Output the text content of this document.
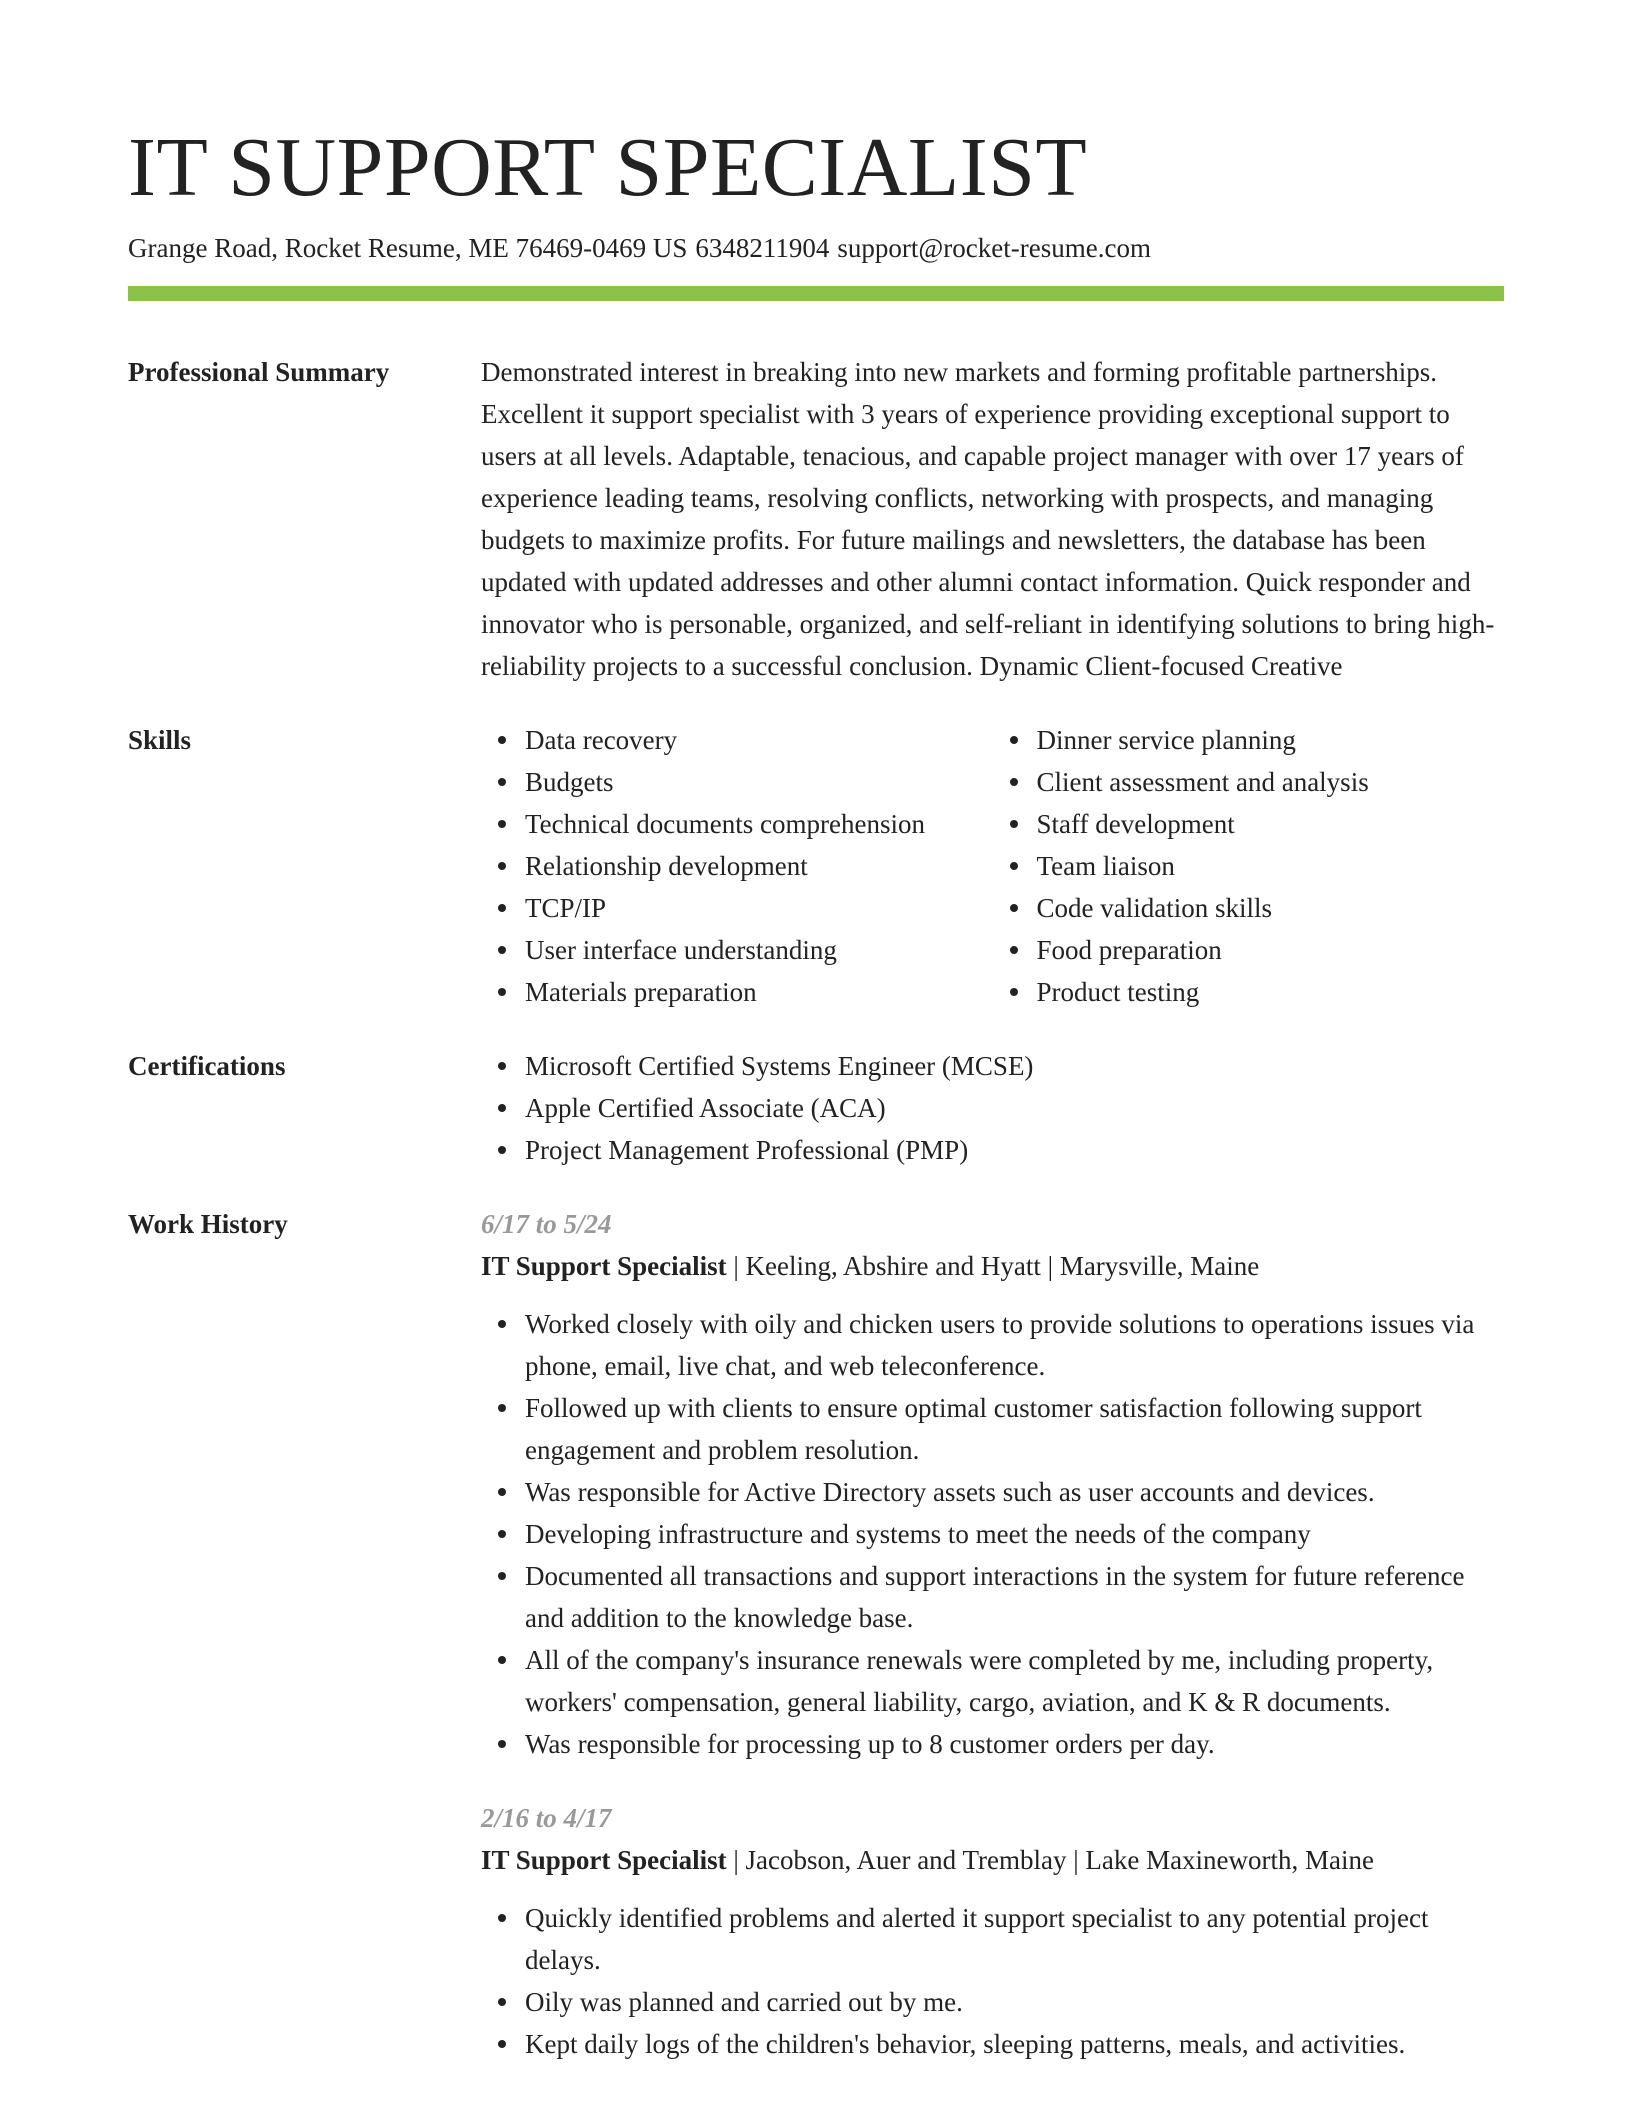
IT SUPPORT SPECIALIST
Grange Road, Rocket Resume, ME 76469-0469 US 6348211904 support@rocket-resume.com
Professional Summary	Demonstrated interest in breaking into new markets and forming profitable partnerships. Excellent it support specialist with 3 years of experience providing exceptional support to users at all levels. Adaptable, tenacious, and capable project manager with over 17 years of experience leading teams, resolving conflicts, networking with prospects, and managing budgets to maximize profits. For future mailings and newsletters, the database has been updated with updated addresses and other alumni contact information. Quick responder and innovator who is personable, organized, and self-reliant in identifying solutions to bring high-reliability projects to a successful conclusion. Dynamic Client-focused Creative

Skills	Data recovery
Budgets
Technical documents comprehension
Relationship development
TCP/IP
User interface understanding
Materials preparation
Dinner service planning
Client assessment and analysis
Staff development
Team liaison
Code validation skills
Food preparation
Product testing
Certifications	Microsoft Certified Systems Engineer (MCSE)
Apple Certified Associate (ACA)
Project Management Professional (PMP)
Work History	6/17 to 5/24
IT Support Specialist | Keeling, Abshire and Hyatt | Marysville, Maine
Worked closely with oily and chicken users to provide solutions to operations issues via phone, email, live chat, and web teleconference.
Followed up with clients to ensure optimal customer satisfaction following support engagement and problem resolution.
Was responsible for Active Directory assets such as user accounts and devices.
Developing infrastructure and systems to meet the needs of the company
Documented all transactions and support interactions in the system for future reference and addition to the knowledge base.
All of the company's insurance renewals were completed by me, including property, workers' compensation, general liability, cargo, aviation, and K & R documents.
Was responsible for processing up to 8 customer orders per day.
2/16 to 4/17
IT Support Specialist | Jacobson, Auer and Tremblay | Lake Maxineworth, Maine
Quickly identified problems and alerted it support specialist to any potential project delays.
Oily was planned and carried out by me.
Kept daily logs of the children's behavior, sleeping patterns, meals, and activities.
